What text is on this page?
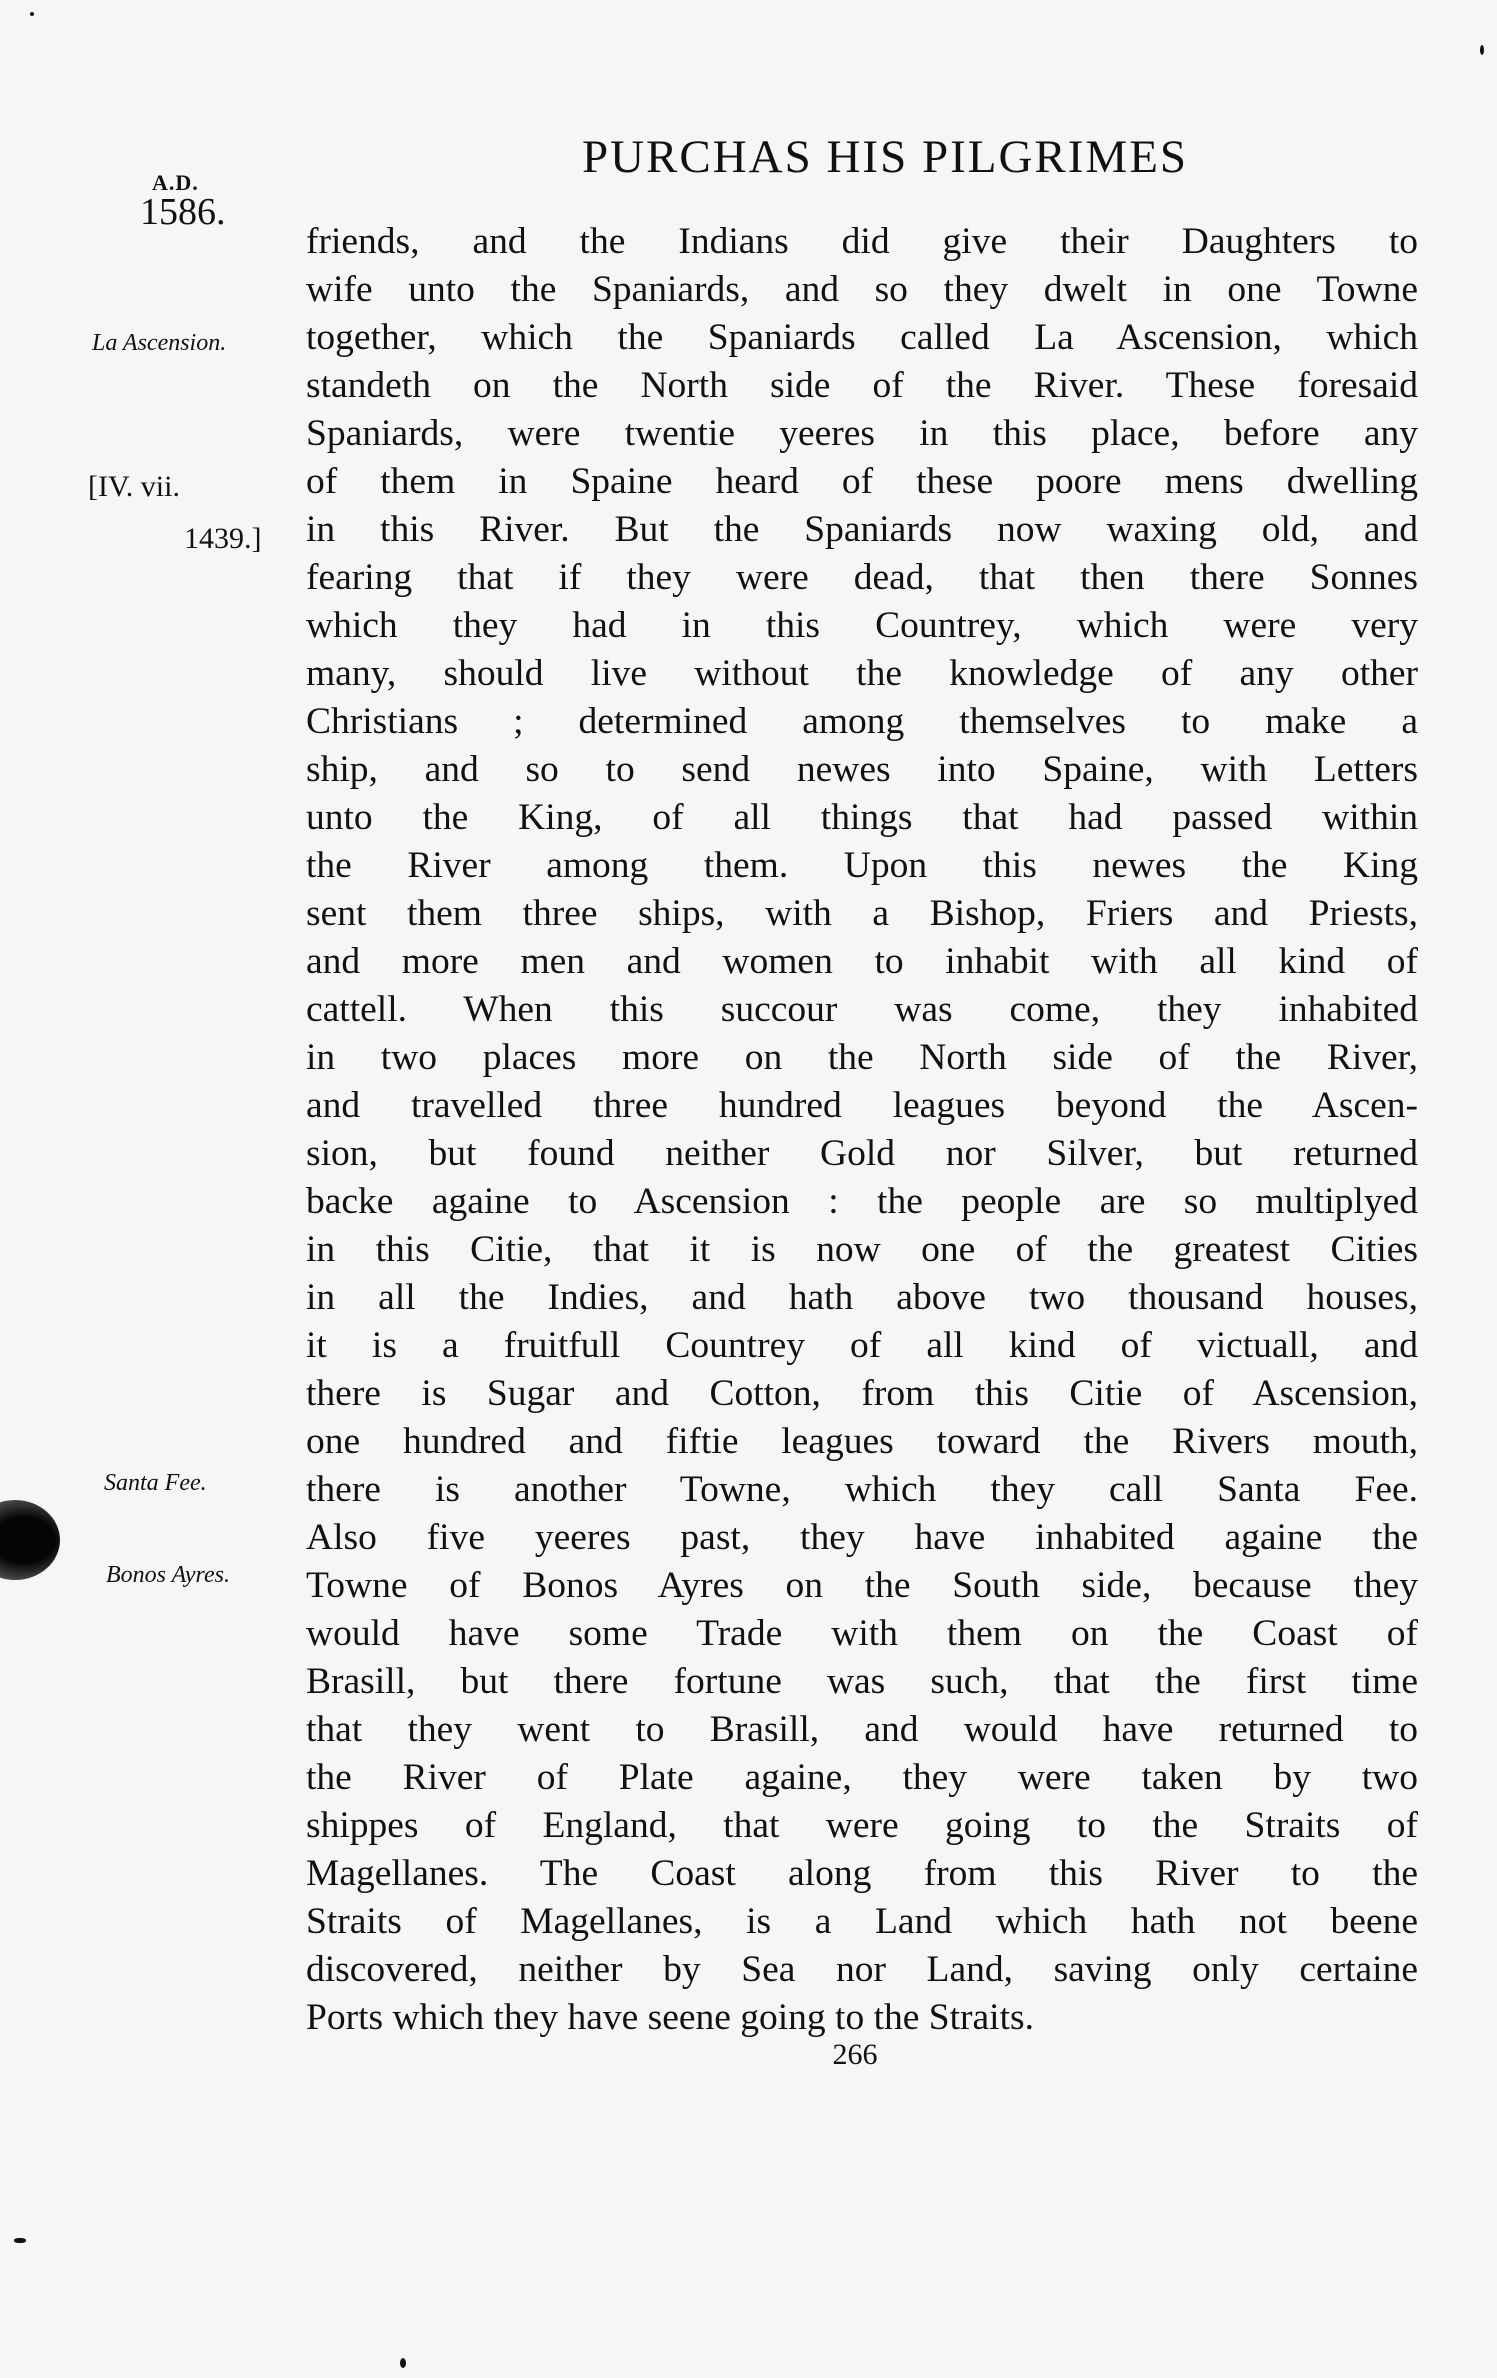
A.D.
1586.
PURCHAS HIS PILGRIMES
La Ascension.
[IV. vii.
1439.]
Santa Fee.
Bonos Ayres.
friends, and the Indians did give their Daughters to
wife unto the Spaniards, and so they dwelt in one Towne
together, which the Spaniards called La Ascension, which
standeth on the North side of the River. These foresaid
Spaniards, were twentie yeeres in this place, before any
of them in Spaine heard of these poore mens dwelling
in this River. But the Spaniards now waxing old, and
fearing that if they were dead, that then there Sonnes
which they had in this Countrey, which were very
many, should live without the knowledge of any other
Christians ; determined among themselves to make a
ship, and so to send newes into Spaine, with Letters
unto the King, of all things that had passed within
the River among them. Upon this newes the King
sent them three ships, with a Bishop, Friers and Priests,
and more men and women to inhabit with all kind of
cattell. When this succour was come, they inhabited
in two places more on the North side of the River,
and travelled three hundred leagues beyond the Ascen-
sion, but found neither Gold nor Silver, but returned
backe againe to Ascension : the people are so multiplyed
in this Citie, that it is now one of the greatest Cities
in all the Indies, and hath above two thousand houses,
it is a fruitfull Countrey of all kind of victuall, and
there is Sugar and Cotton, from this Citie of Ascension,
one hundred and fiftie leagues toward the Rivers mouth,
there is another Towne, which they call Santa Fee.
Also five yeeres past, they have inhabited againe the
Towne of Bonos Ayres on the South side, because they
would have some Trade with them on the Coast of
Brasill, but there fortune was such, that the first time
that they went to Brasill, and would have returned to
the River of Plate againe, they were taken by two
shippes of England, that were going to the Straits of
Magellanes. The Coast along from this River to the
Straits of Magellanes, is a Land which hath not beene
discovered, neither by Sea nor Land, saving only certaine
Ports which they have seene going to the Straits.
266
